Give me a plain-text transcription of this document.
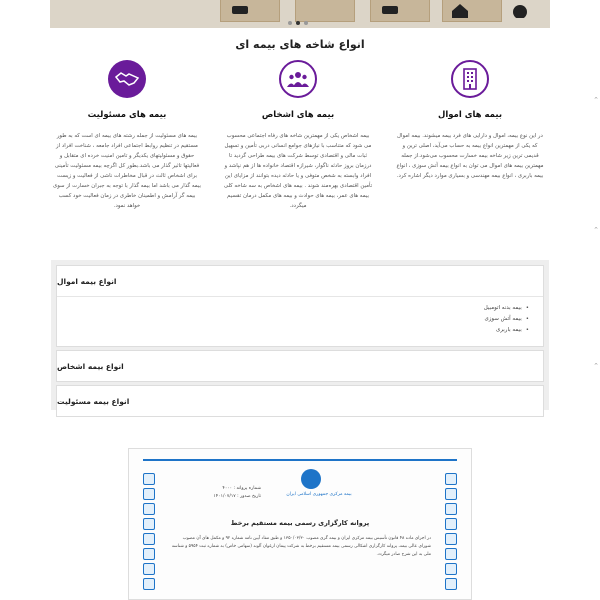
انواع شاخه های بیمه ای
بیمه های اموال

در این نوع بیمه، اموال و دارایی های فرد بیمه میشوند. بیمه اموال که یکی از مهمترین انواع بیمه به حساب می‌آید، اصلی ترین و قدیمی ترین زیر شاخه بیمه خسارت محسوب می‌شود.از جمله مهمترین بیمه های اموال می توان به انواع بیمه آتش سوزی ، انواع بیمه باربری ، انواع بیمه مهندسی و بسیاری موارد دیگر اشاره کرد.

بیمه های اشخاص

بیمه اشخاص یکی از مهمترین شاخه های رفاه اجتماعی محسوب می شود که متناسب با نیازهای جوامع انسانی دربی تأمین و تسهیل ثبات مالی و اقتصادی توسط شرکت های بیمه طراحی گردید تا درزمان بروز حادثه ناگوار، شیرازه اقتصاد خانواده ها از هم نپاشد و افراد وابسته به شخص متوفی و یا حادثه دیده بتوانند از مزایای این تأمین اقتصادی بهره‌مند شوند . بیمه های اشخاص به سه شاخه کلی بیمه های عمر، بیمه های حوادث و بیمه های مکمل درمان تقسیم میگردد.

بیمه های مسئولیت

بیمه های مسئولیت از جمله رشته های بیمه ای است که به طور مستقیم در تنظیم روابط اجتماعی افراد جامعه ، شناخت افراد از حقوق و مسئولیتهای یکدیگر و تامین امنیت خرده ای متقابل و فعالیتها تاثیر گذار می باشد.بطور کل اگرچه بیمه مسئولیت تأمینی برای اشخاص ثالث در قبال مخاطرات ناشی از فعالیت و زیست بیمه گذار می باشد اما بیمه گذار با توجه به جبران خسارت از سوی بیمه گر آرامش و اطمینان خاطری در زمان فعالیت خود کسب خواهد نمود.

انواع بیمه اموال
• بیمه بدنه اتومبیل
• بیمه آتش سوزی
• بیمه باربری
انواع بیمه اشخاص
انواع بیمه مسئولیت
⌃
⌃
⌃
بیمه مرکزی جمهوری اسلامی ایران
شماره پروانه : ۴۰۰۰
تاریخ صدور : ۱۴۰۱/۰۷/۱۷
پروانه کارگزاری رسمی بیمه مستقیم برخط
در اجرای ماده ۴۸ قانون تأسیس بیمه مرکزی ایران و بیمه گری مصوب ۱۳۵۰/۰۳/۳۰ و طبق مفاد آیین نامه شماره ۹۲ و مکمل های آن مصوب شورای عالی بیمه، پروانه کارگزاری اشکالی رسمی بیمه مستقیم برخط به شرکت پیمان ارغوان آلوند (سهامی خاص) به شماره ثبت ۵۹۵۴ و شناسه ملی به این شرح صادر میگردد.
